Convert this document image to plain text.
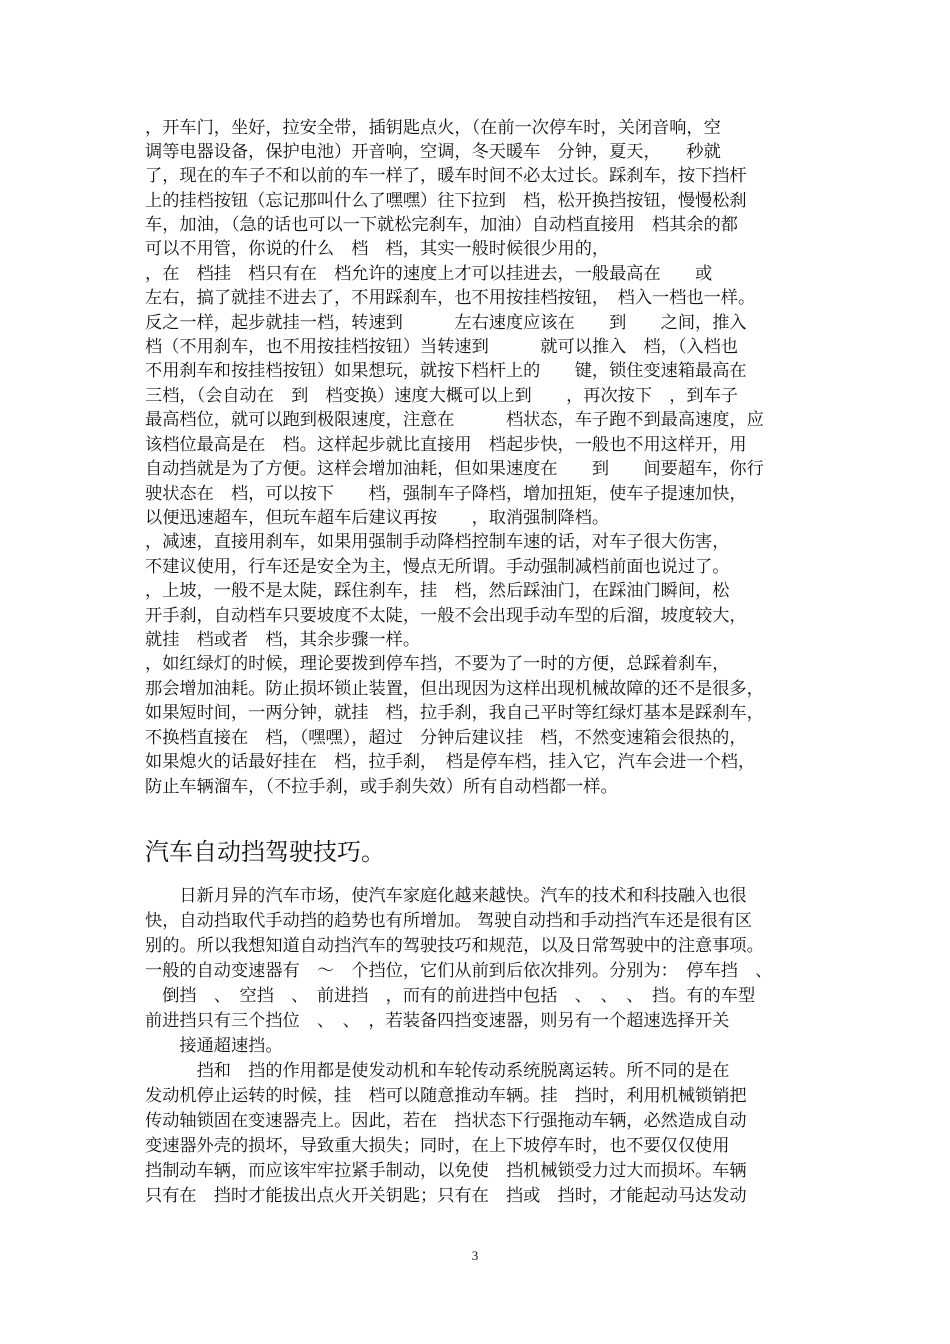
，开车门，坐好，拉安全带，插钥匙点火，（在前一次停车时，关闭音响，空
调等电器设备，保护电池）开音响，空调，冬天暖车　分钟，夏天，　　秒就
了，现在的车子不和以前的车一样了，暖车时间不必太过长。踩刹车，按下挡杆
上的挂档按钮（忘记那叫什么了嘿嘿）往下拉到　档，松开换挡按钮，慢慢松刹
车，加油，（急的话也可以一下就松完刹车，加油）自动档直接用　档其余的都
可以不用管，你说的什么　档　档，其实一般时候很少用的，
，在　档挂　档只有在　档允许的速度上才可以挂进去，一般最高在　　或
左右，搞了就挂不进去了，不用踩刹车，也不用按挂档按钮，　档入一档也一样。
反之一样，起步就挂一档，转速到　　　左右速度应该在　　到　　之间，推入
档（不用刹车，也不用按挂档按钮）当转速到　　　就可以推入　档，（入档也
不用刹车和按挂档按钮）如果想玩，就按下档杆上的　　键，锁住变速箱最高在
三档，（会自动在　到　档变换）速度大概可以上到　　，再次按下　，到车子
最高档位，就可以跑到极限速度，注意在　　　档状态，车子跑不到最高速度，应
该档位最高是在　档。这样起步就比直接用　档起步快，一般也不用这样开，用
自动挡就是为了方便。这样会增加油耗，但如果速度在　　到　　间要超车，你行
驶状态在　档，可以按下　　档，强制车子降档，增加扭矩，使车子提速加快，
以便迅速超车，但玩车超车后建议再按　　，取消强制降档。
，减速，直接用刹车，如果用强制手动降档控制车速的话，对车子很大伤害，
不建议使用，行车还是安全为主，慢点无所谓。手动强制减档前面也说过了。
，上坡，一般不是太陡，踩住刹车，挂　档，然后踩油门，在踩油门瞬间，松
开手刹，自动档车只要坡度不太陡，一般不会出现手动车型的后溜，坡度较大，
就挂　档或者　档，其余步骤一样。
，如红绿灯的时候，理论要拨到停车挡，不要为了一时的方便，总踩着刹车，
那会增加油耗。防止损坏锁止装置，但出现因为这样出现机械故障的还不是很多，
如果短时间，一两分钟，就挂　档，拉手刹，我自己平时等红绿灯基本是踩刹车，
不换档直接在　档，（嘿嘿），超过　分钟后建议挂　档，不然变速箱会很热的，
如果熄火的话最好挂在　档，拉手刹，　档是停车档，挂入它，汽车会进一个档，
防止车辆溜车，（不拉手刹，或手刹失效）所有自动档都一样。
汽车自动挡驾驶技巧。
　　日新月异的汽车市场，使汽车家庭化越来越快。汽车的技术和科技融入也很
快，自动挡取代手动挡的趋势也有所增加。 驾驶自动挡和手动挡汽车还是很有区
别的。所以我想知道自动挡汽车的驾驶技巧和规范，以及日常驾驶中的注意事项。
一般的自动变速器有　～　个挡位，它们从前到后依次排列。分别为：　停车挡　、
　倒挡　、　空挡　、　前进挡　，而有的前进挡中包括　、　、　、　挡。有的车型
前进挡只有三个挡位　、　、　，若装备四挡变速器，则另有一个超速选择开关
　　接通超速挡。
　　　挡和　挡的作用都是使发动机和车轮传动系统脱离运转。所不同的是在
发动机停止运转的时候，挂　档可以随意推动车辆。挂　挡时，利用机械锁销把
传动轴锁固在变速器壳上。因此，若在　挡状态下行强拖动车辆，必然造成自动
变速器外壳的损坏，导致重大损失；同时，在上下坡停车时，也不要仅仅使用
挡制动车辆，而应该牢牢拉紧手制动，以免使　挡机械锁受力过大而损坏。车辆
只有在　挡时才能拔出点火开关钥匙；只有在　挡或　挡时，才能起动马达发动
3
